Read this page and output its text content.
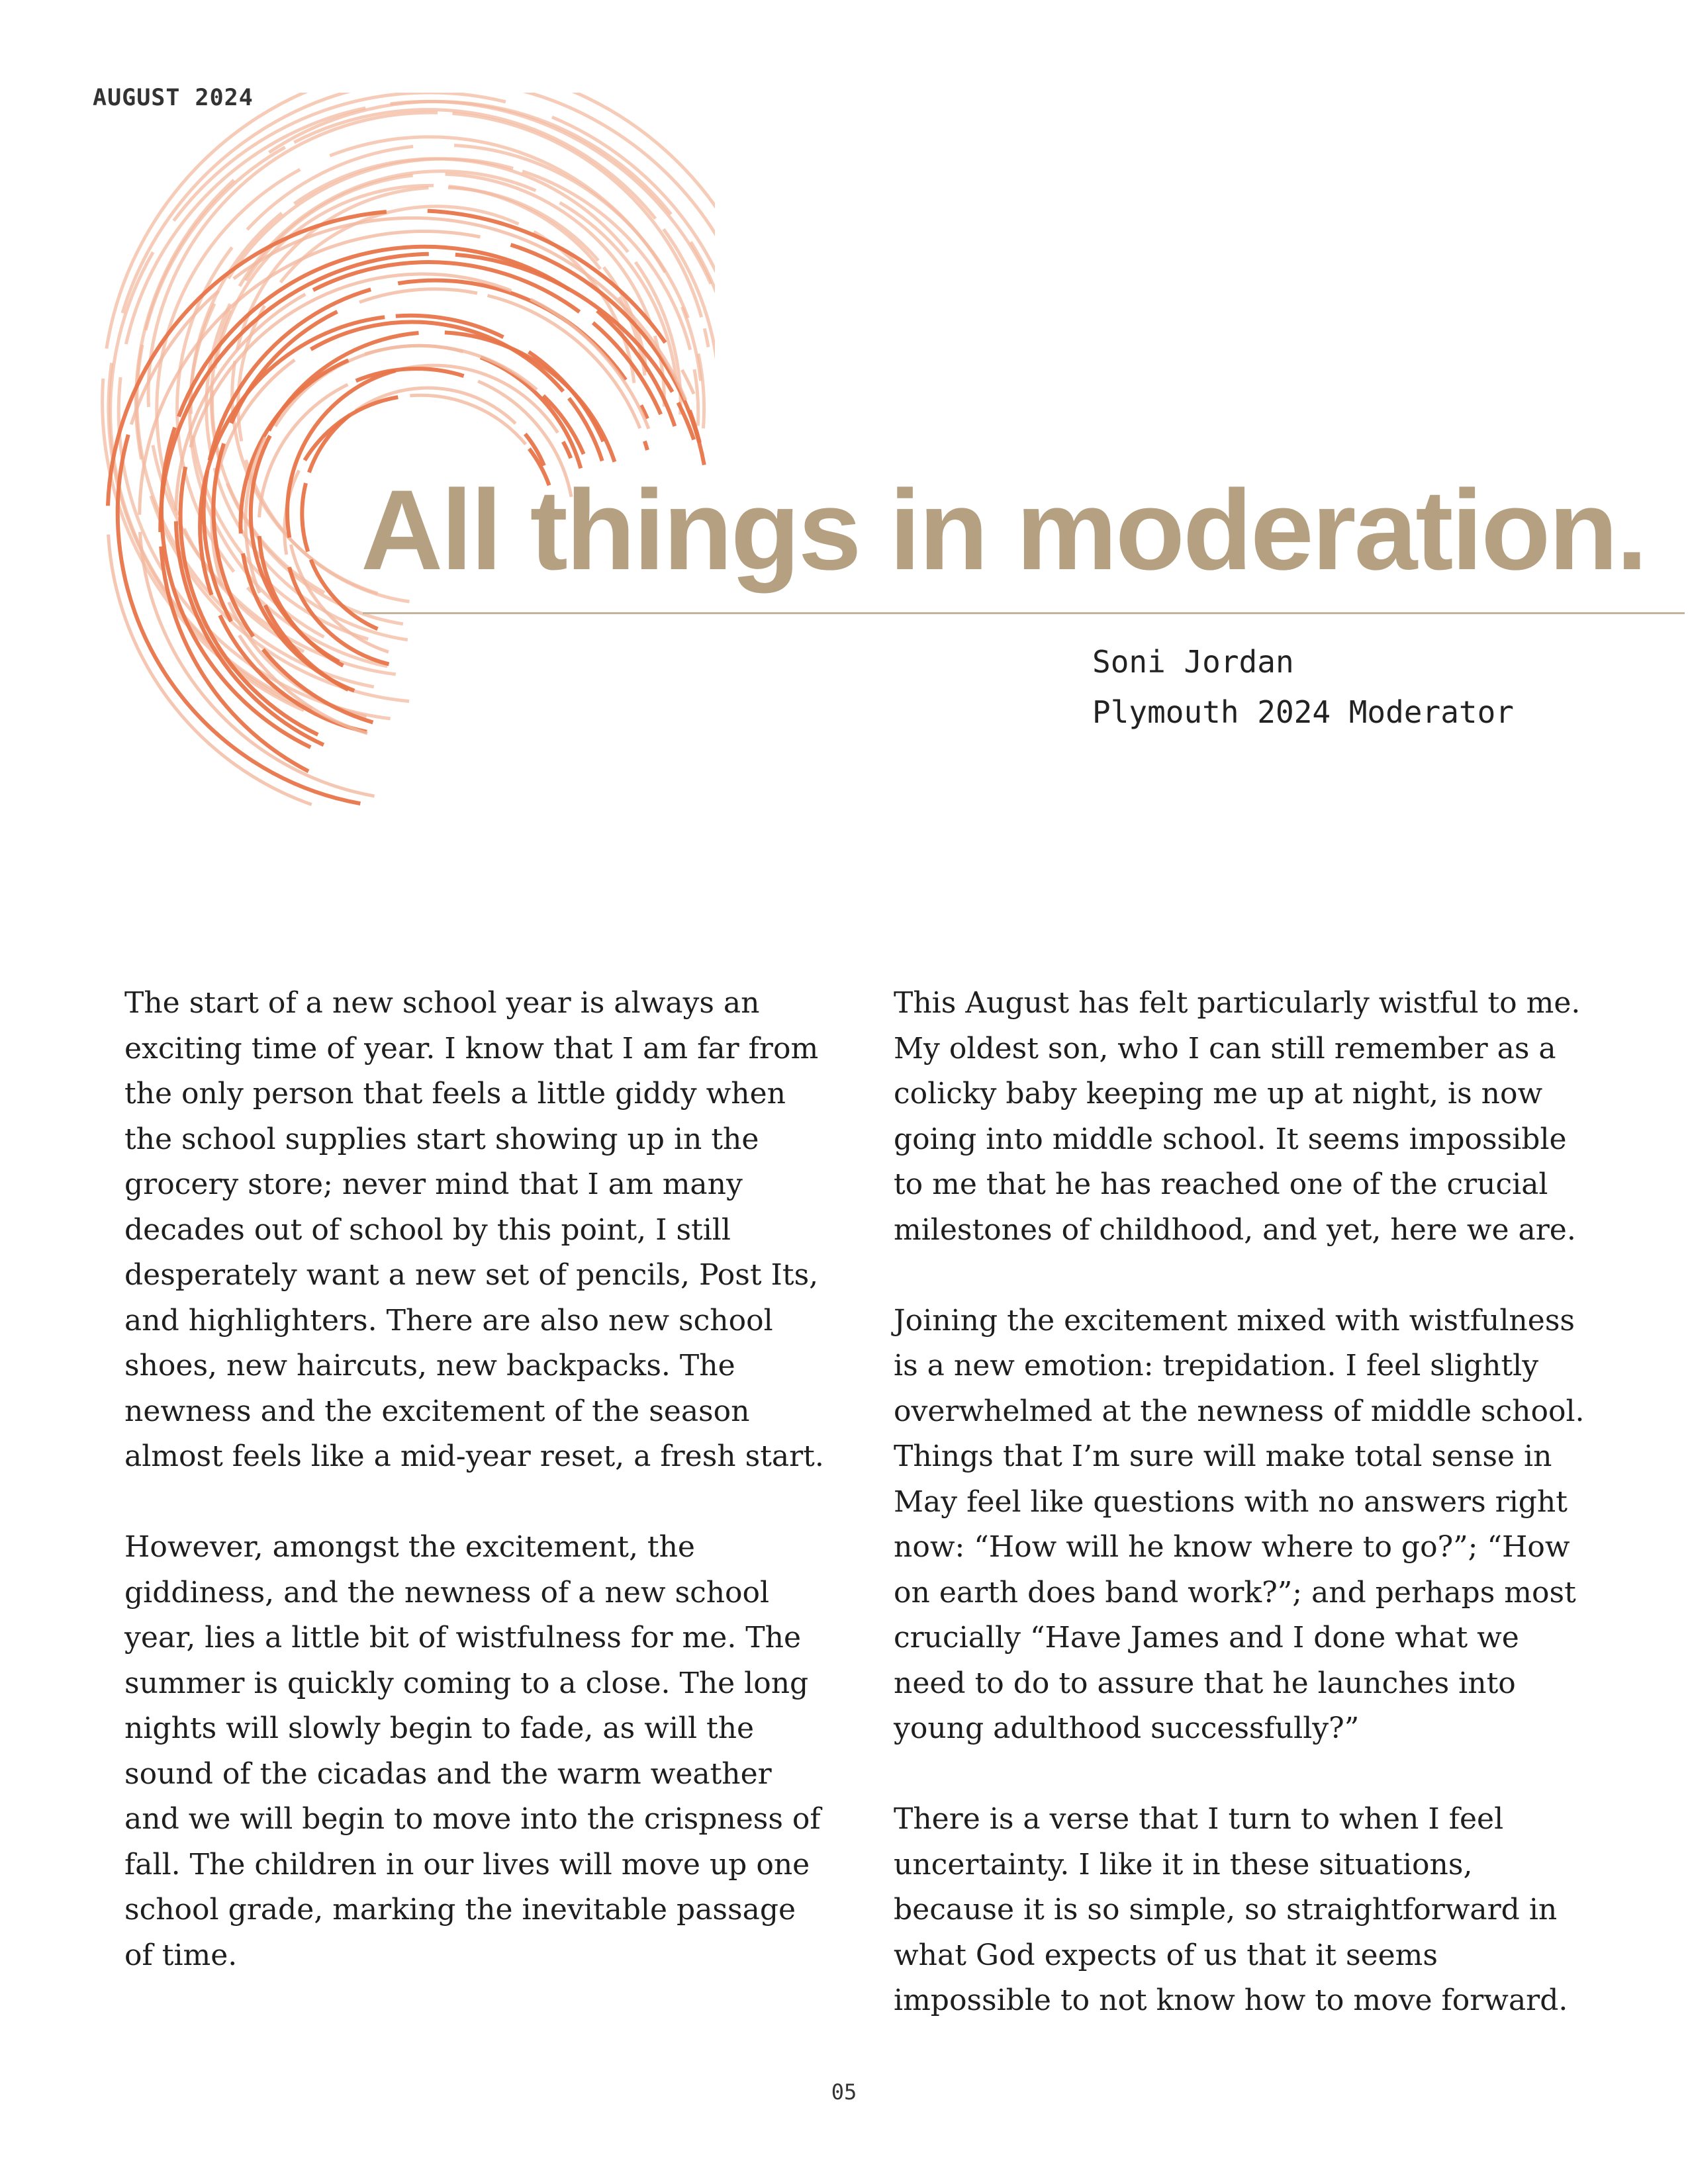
AUGUST 2024
All things in moderation.
Soni Jordan
Plymouth 2024 Moderator

The start of a new school year is always an exciting time of year. I know that I am far from the only person that feels a little giddy when the school supplies start showing up in the grocery store; never mind that I am many decades out of school by this point, I still desperately want a new set of pencils, Post Its, and highlighters. There are also new school shoes, new haircuts, new backpacks. The newness and the excitement of the season almost feels like a mid-year reset, a fresh start.

However, amongst the excitement, the giddiness, and the newness of a new school year, lies a little bit of wistfulness for me. The summer is quickly coming to a close. The long nights will slowly begin to fade, as will the sound of the cicadas and the warm weather and we will begin to move into the crispness of fall. The children in our lives will move up one school grade, marking the inevitable passage of time.

This August has felt particularly wistful to me. My oldest son, who I can still remember as a colicky baby keeping me up at night, is now going into middle school. It seems impossible to me that he has reached one of the crucial milestones of childhood, and yet, here we are.

Joining the excitement mixed with wistfulness is a new emotion: trepidation. I feel slightly overwhelmed at the newness of middle school. Things that I’m sure will make total sense in May feel like questions with no answers right now: “How will he know where to go?”; “How on earth does band work?”; and perhaps most crucially “Have James and I done what we need to do to assure that he launches into young adulthood successfully?”

There is a verse that I turn to when I feel uncertainty. I like it in these situations, because it is so simple, so straightforward in what God expects of us that it seems impossible to not know how to move forward.

05
